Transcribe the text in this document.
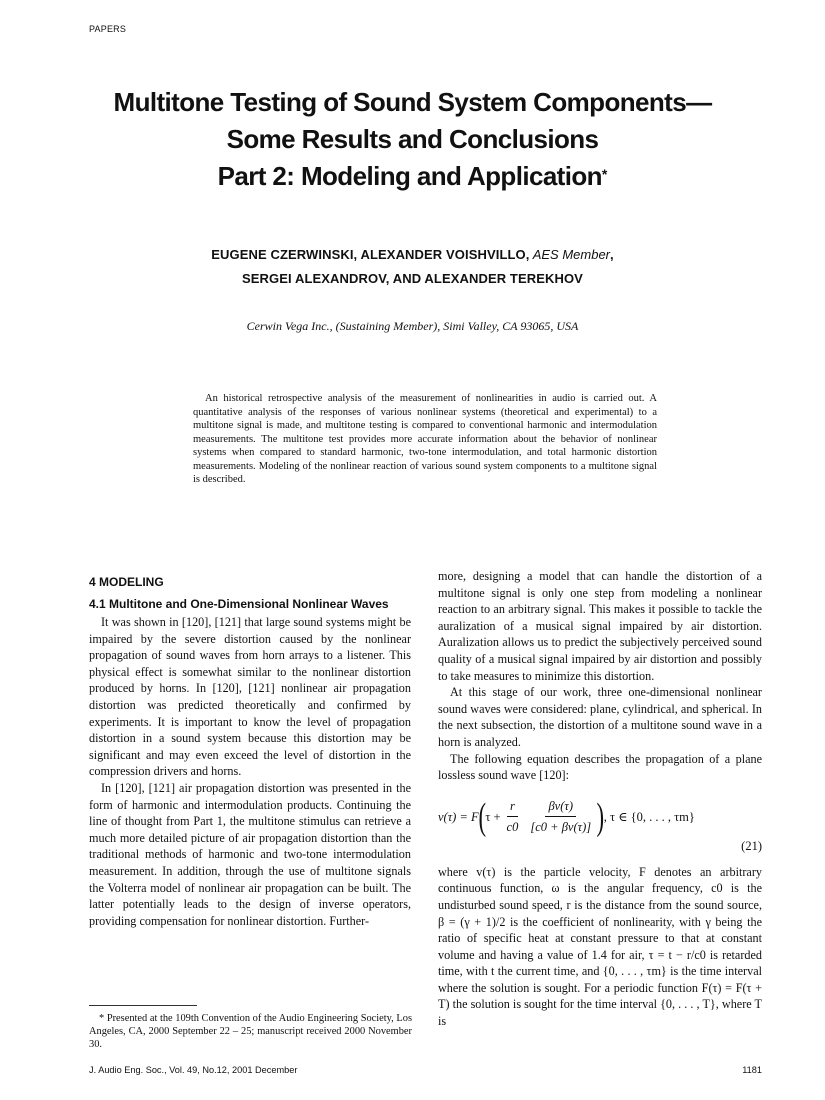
PAPERS
Multitone Testing of Sound System Components—
Some Results and Conclusions
Part 2: Modeling and Application*
EUGENE CZERWINSKI, ALEXANDER VOISHVILLO, AES Member,
SERGEI ALEXANDROV, AND ALEXANDER TEREKHOV
Cerwin Vega Inc., (Sustaining Member), Simi Valley, CA 93065, USA

An historical retrospective analysis of the measurement of nonlinearities in audio is carried out. A quantitative analysis of the responses of various nonlinear systems (theoretical and experimental) to a multitone signal is made, and multitone testing is compared to conventional harmonic and intermodulation measurements. The multitone test provides more accurate information about the behavior of nonlinear systems when compared to standard harmonic, two-tone intermodulation, and total harmonic distortion measurements. Modeling of the nonlinear reaction of various sound system components to a multitone signal is described.

4 MODELING
4.1 Multitone and One-Dimensional Nonlinear Waves

It was shown in [120], [121] that large sound systems might be impaired by the severe distortion caused by the nonlinear propagation of sound waves from horn arrays to a listener. This physical effect is somewhat similar to the nonlinear distortion produced by horns. In [120], [121] nonlinear air propagation distortion was predicted theoretically and confirmed by experiments. It is important to know the level of propagation distortion in a sound system because this distortion may be significant and may even exceed the level of distortion in the compression drivers and horns.

In [120], [121] air propagation distortion was presented in the form of harmonic and intermodulation products. Continuing the line of thought from Part 1, the multitone stimulus can retrieve a much more detailed picture of air propagation distortion than the traditional methods of harmonic and two-tone intermodulation measurement. In addition, through the use of multitone signals the Volterra model of nonlinear air propagation can be built. The latter potentially leads to the design of inverse operators, providing compensation for nonlinear distortion. Further-

more, designing a model that can handle the distortion of a multitone signal is only one step from modeling a nonlinear reaction to an arbitrary signal. This makes it possible to tackle the auralization of a musical signal impaired by air distortion. Auralization allows us to predict the subjectively perceived sound quality of a musical signal impaired by air distortion and possibly to take measures to minimize this distortion.

At this stage of our work, three one-dimensional nonlinear sound waves were considered: plane, cylindrical, and spherical. In the next subsection, the distortion of a multitone sound wave in a horn is analyzed.

The following equation describes the propagation of a plane lossless sound wave [120]:

v(τ) = F ( $\tau + \frac{r}{c0} \frac{\beta v(\tau)}{[c0 + \beta v(\tau)]}$ ) , τ ∈ {0, . . . , τm}
(21)

where v(τ) is the particle velocity, F denotes an arbitrary continuous function, ω is the angular frequency, c0 is the undisturbed sound speed, r is the distance from the sound source, β = (γ + 1)/2 is the coefficient of nonlinearity, with γ being the ratio of specific heat at constant pressure to that at constant volume and having a value of 1.4 for air, τ = t − r/c0 is retarded time, with t the current time, and {0, . . . , τm} is the time interval where the solution is sought. For a periodic function F(τ) = F(τ + T) the solution is sought for the time interval {0, . . . , T}, where T is

* Presented at the 109th Convention of the Audio Engineering Society, Los Angeles, CA, 2000 September 22 – 25; manuscript received 2000 November 30.

J. Audio Eng. Soc., Vol. 49, No.12, 2001 December	1181
